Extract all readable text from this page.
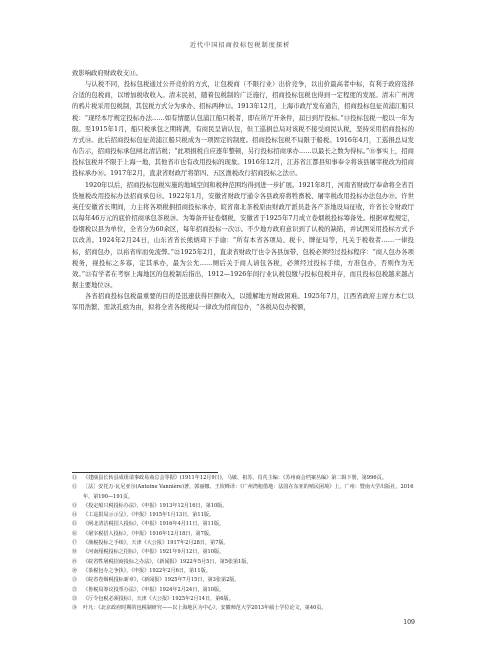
近代中国招商投标包税制度探析

致影响政府财政收支⑪。

与认税不同，投标包税通过公开竞价的方式，让包税商（不限行业）出价竞争，以出价最高者中标，有利于政府选择合适的包税商，以增加税收收入。清末民初，随着包税制的广泛施行，招商投标包税也得到一定程度的发展。清末广州湾的鸦片税采用包税制，其包税方式分为承办、招标两种⑫。1913年12月，上海市政厅发布通告，招商投标包征黄浦江船只税：“现经本厅规定投标办法……如有情愿认包浦江船只税者，即在所厅开条件，届日到厅投标。”⑬投标包税一般以一年为限。至1915年1月，船只税承包之期将满，有商民呈请认包，但工巡捐总局对该税不接受商民认税，坚持采用招商投标的方式⑭。此后招商投标包征黄浦江船只税成为一项固定的制度。招商投标包税不局限于船税。1916年4月，工巡捐总局发布告示，招商投标承包闸北清洁税；“此项捐税自应逐年整顿，另行投标招商承办……以最长之数为得标。”⑮事实上，招商投标包税并不限于上海一地，其他省市也有改用投标的现象。1916年12月，江苏省江都县知事奉令将该县屠宰税改为招商投标承办⑯。1917年2月，直隶省财政厅将第四、五区渔税改行招商投标之法⑰。

1920年以后，招商投标包税实施的地域空间和税种范围均得到进一步扩展。1921年8月，河南省财政厅奉命将全省百货厘税改用投标办法招商承包⑱。1922年1月，安徽省财政厅通令各县政府将牲畜税、屠宰税改用投标办法包办⑲。许世英任安徽省长期间，力主将各项税捐招商投标承办，皖省南北茶税原由财政厅派员赴各产茶地设局征收，许省长令财政厅以每年46万元的底价招商承包茶税⑳。为筹备开征卷烟税，安徽省于1925年7月成立卷烟税投标筹备处。根据章程规定，卷烟税以县为单位，全省分为60余区，每年招商投标一次㉑。不少地方政府意识到了认税的缺陷，并试图采用投标方式予以改善。1924年2月24日，山东省省长熊炳琦下手谕：“所有本省各项局、税卡、牌征局等，凡关于税收者……一律投标，招商包办，以裕省库而免流弊。”㉒1925年2月，直隶省财政厅也令各县加带、包税必须经过投标程序：“商人包办各项税务，视投标之多寡，定其承办，最为公允……厕后关于商人请包各税，必须经过投标手续，方准包办，否则作为无效。”㉓有学者在考察上海地区的包税制后指出，1912—1926年间行业认税包缴与投标包税并存，而且投标包税越来越占据主要地位㉔。

各省招商投标包税最重要的目的是迅速获得巨额收入，以缓解地方财政困难。1925年7月，江西省政府主席方本仁以军用浩繁、需款孔亟为由，拟将全省各统税局一律改为招商包办，“各税局包办税额，

⑪	《建瓯县长转县成组请事政易商总会等据》(1911年12月9日)，马敏、祖苏、肖芃主编：《苏州商会档案丛编》第二辑下册，第996页。
⑫	［法］安托万·瓦尼亚尔(Antoine Vannière)著，郭丽娜、王钦峰译：《广州湾租借地：法国在东亚的殖民困境》上，广州：暨南大学出版社，2016年，第190—191页。
⑬	《投定船只税投标办法》，《申报》1913年12月16日，第10版。
⑭	《工巡捐局示示呈》，《申报》1915年1月13日，第11版。
⑮	《闸北清洁税招人投标》，《申报》1916年4月11日，第11版。
⑯	《屠宰税招人投标》，《申报》1916年12月18日，第7版。
⑰	《渔税投标之手续》，天津《大公报》1917年2月28日，第7版。
⑱	《河南厘税投标之招标》，《申报》1921年9月12日，第10版。
⑲	《皖省牲屠税招商投标之办法》，《新闻报》1922年5月5日，第5张第1版。
⑳	《茶税包办之争执》，《申报》1922年2月6日，第11版。
㉑	《皖省卷烟税投标新章》，《新闻报》1925年7月15日，第3张第2版。
㉒	《鲁税局筹议投票办法》，《申报》1924年2月24日，第10版。
㉓	《厅令包税必须投标》，天津《大公报》1925年2月14日，第6版。
㉔	叶凡：《北京政府时期的包税制研究——以上海地区为中心》，安徽师范大学2013年硕士学位论文，第40页。
109
